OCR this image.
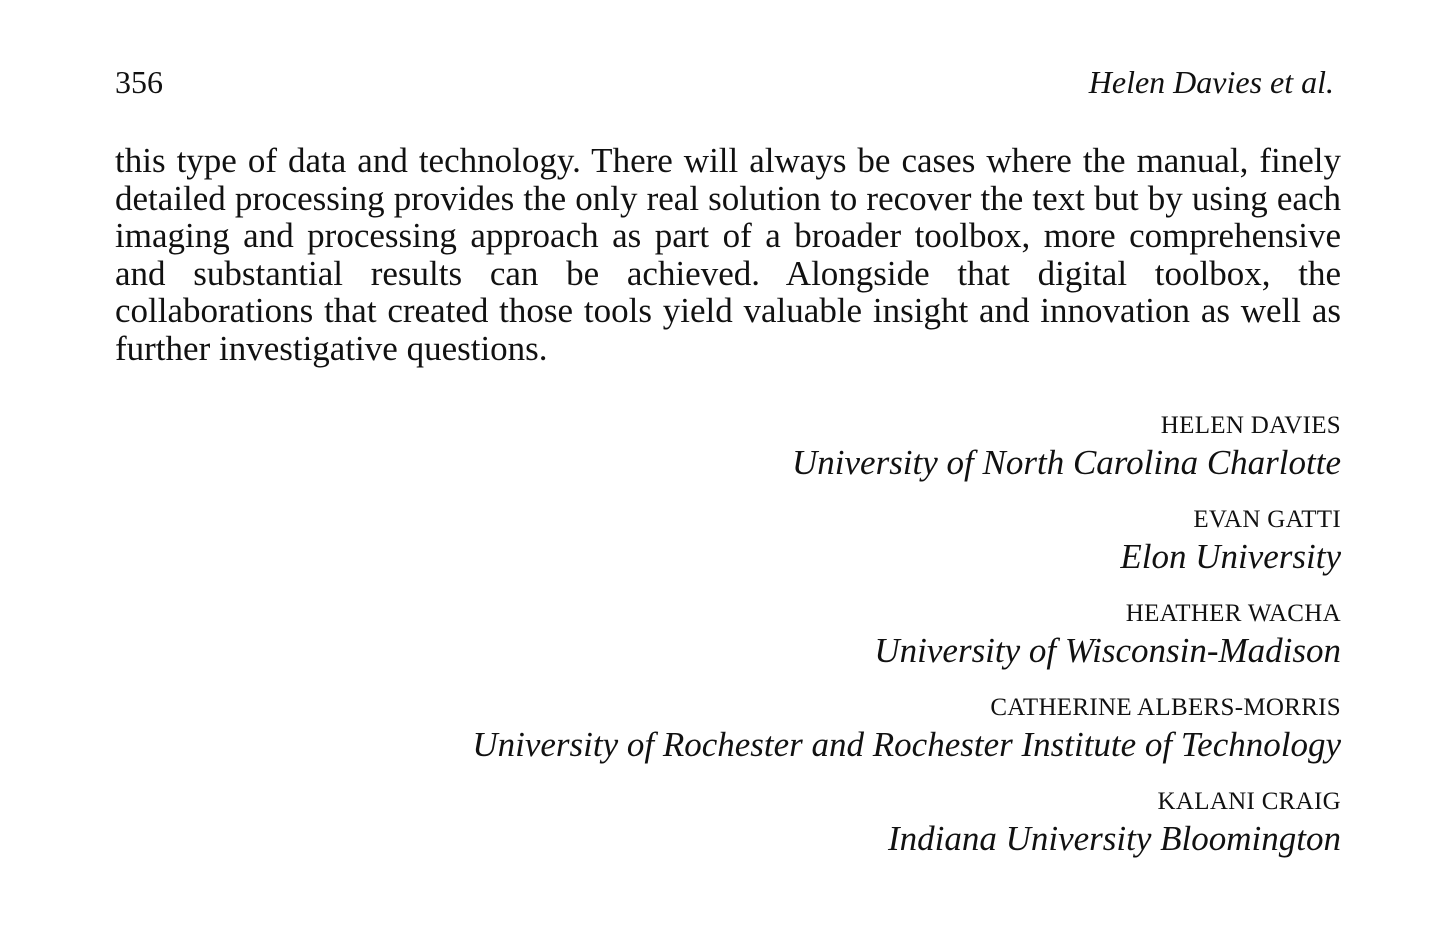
356	Helen Davies et al.

this type of data and technology. There will always be cases where the manual, finely detailed processing provides the only real solution to recover the text but by using each imaging and processing approach as part of a broader toolbox, more comprehensive and substantial results can be achieved. Alongside that digital toolbox, the collaborations that created those tools yield valuable insight and innovation as well as further investigative questions.

HELEN DAVIES
University of North Carolina Charlotte
EVAN GATTI
Elon University
HEATHER WACHA
University of Wisconsin-Madison
CATHERINE ALBERS-MORRIS
University of Rochester and Rochester Institute of Technology
KALANI CRAIG
Indiana University Bloomington
